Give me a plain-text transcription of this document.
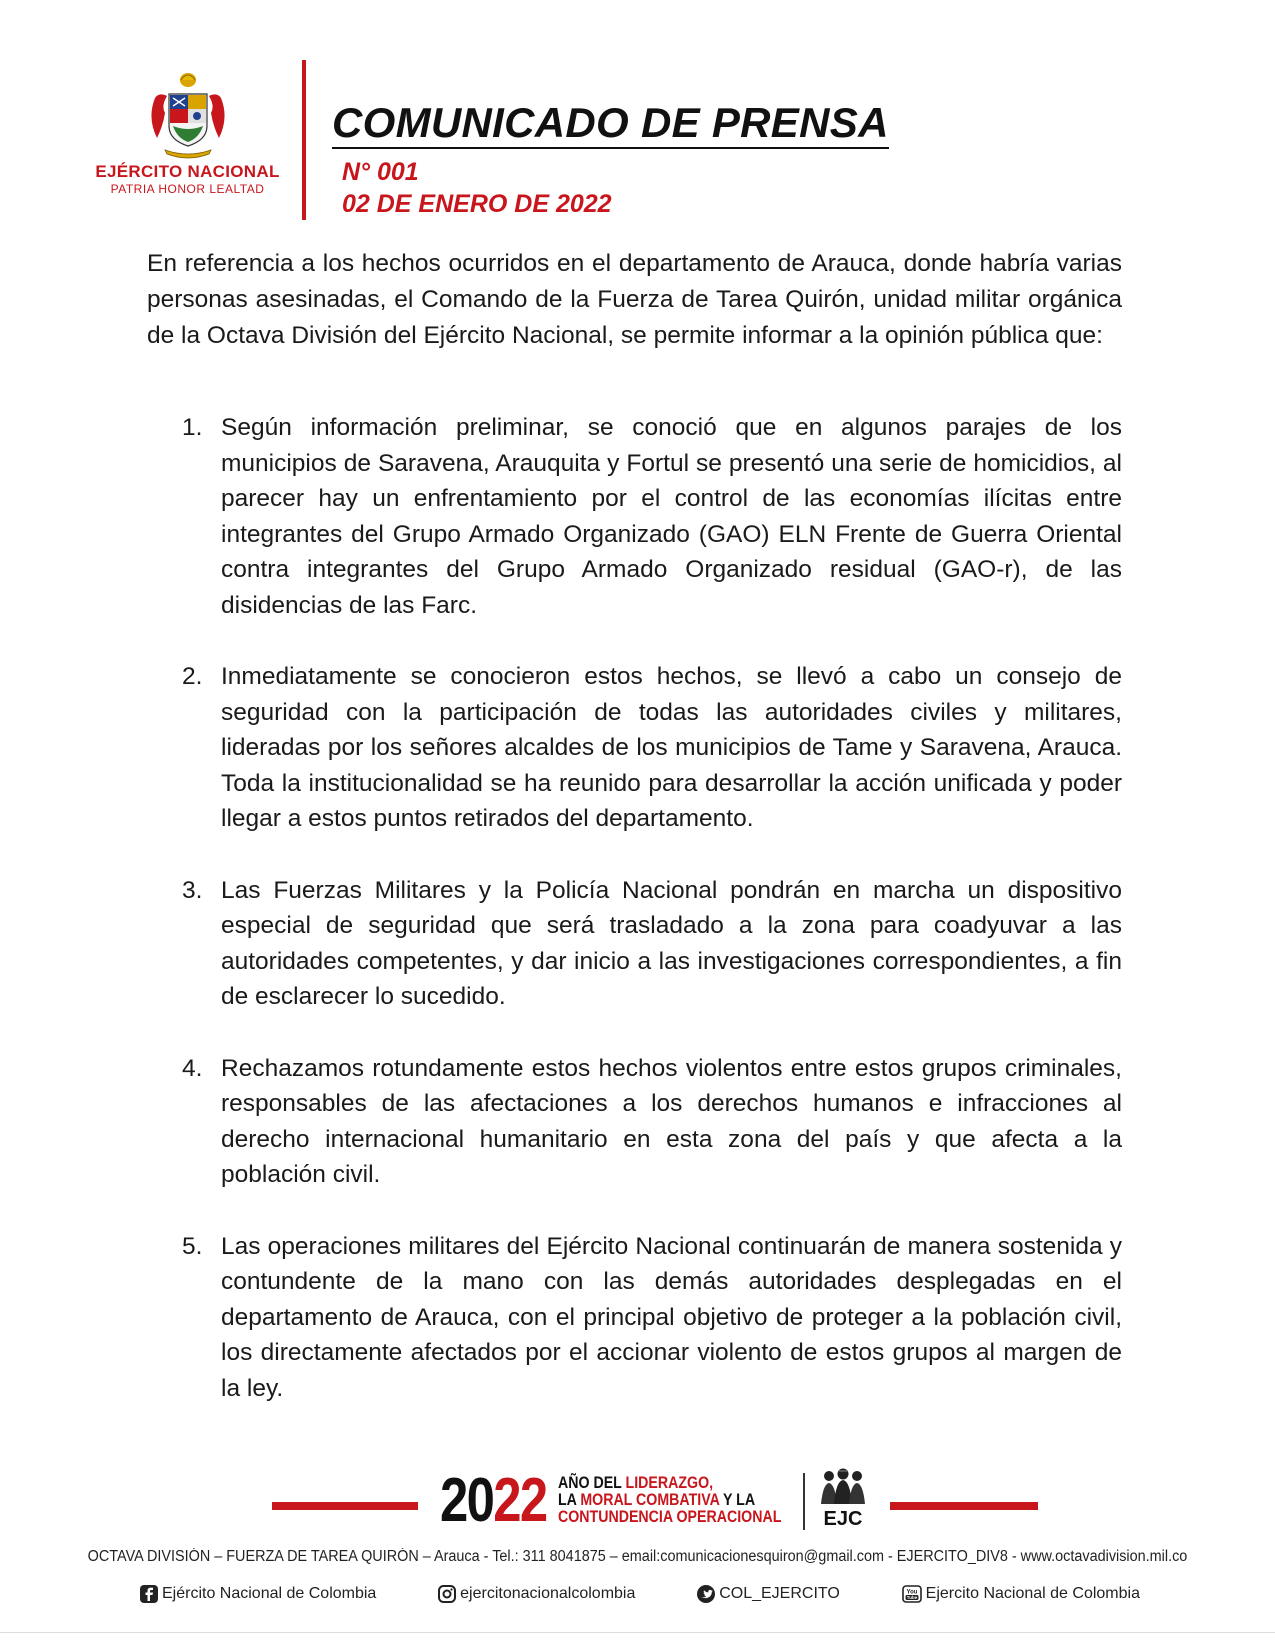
EJÉRCITO NACIONAL
PATRIA HONOR LEALTAD
COMUNICADO DE PRENSA
N° 001
02 DE ENERO DE 2022

En referencia a los hechos ocurridos en el departamento de Arauca, donde habría varias personas asesinadas, el Comando de la Fuerza de Tarea Quirón, unidad militar orgánica de la Octava División del Ejército Nacional, se permite informar a la opinión pública que:

1. Según información preliminar, se conoció que en algunos parajes de los municipios de Saravena, Arauquita y Fortul se presentó una serie de homicidios, al parecer hay un enfrentamiento por el control de las economías ilícitas entre integrantes del Grupo Armado Organizado (GAO) ELN Frente de Guerra Oriental contra integrantes del Grupo Armado Organizado residual (GAO-r), de las disidencias de las Farc.
2. Inmediatamente se conocieron estos hechos, se llevó a cabo un consejo de seguridad con la participación de todas las autoridades civiles y militares, lideradas por los señores alcaldes de los municipios de Tame y Saravena, Arauca. Toda la institucionalidad se ha reunido para desarrollar la acción unificada y poder llegar a estos puntos retirados del departamento.
3. Las Fuerzas Militares y la Policía Nacional pondrán en marcha un dispositivo especial de seguridad que será trasladado a la zona para coadyuvar a las autoridades competentes, y dar inicio a las investigaciones correspondientes, a fin de esclarecer lo sucedido.
4. Rechazamos rotundamente estos hechos violentos entre estos grupos criminales, responsables de las afectaciones a los derechos humanos e infracciones al derecho internacional humanitario en esta zona del país y que afecta a la población civil.
5. Las operaciones militares del Ejército Nacional continuarán de manera sostenida y contundente de la mano con las demás autoridades desplegadas en el departamento de Arauca, con el principal objetivo de proteger a la población civil, los directamente afectados por el accionar violento de estos grupos al margen de la ley.
2022 AÑO DEL LIDERAZGO,
LA MORAL COMBATIVA Y LA
CONTUNDENCIA OPERACIONAL	EJC
OCTAVA DIVISIÓN – FUERZA DE TAREA QUIRÓN – Arauca - Tel.: 311 8041875 – email:comunicacionesquiron@gmail.com - EJERCITO_DIV8 - www.octavadivision.mil.co
Ejército Nacional de Colombia	ejercitonacionalcolombia	COL_EJERCITO	You
Tube Ejercito Nacional de Colombia
